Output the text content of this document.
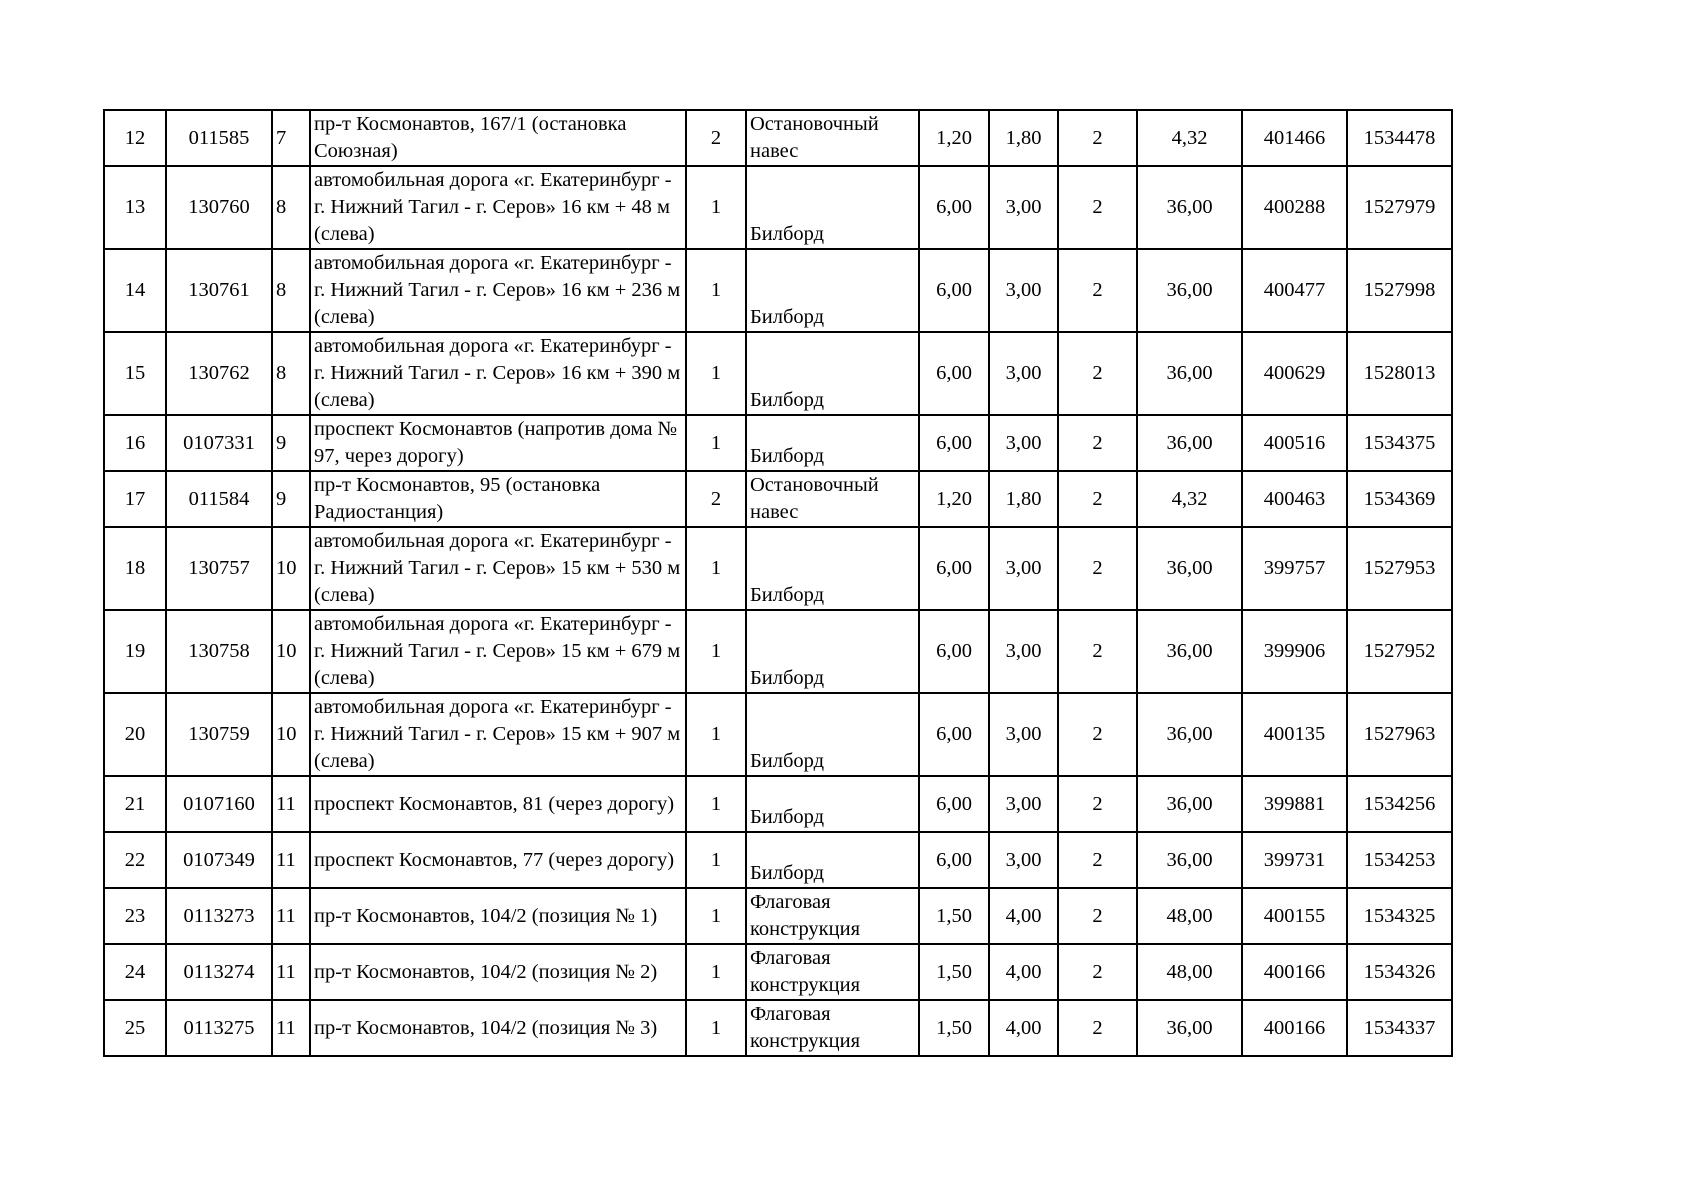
12	011585	7	пр-т Космонавтов, 167/1 (остановка Союзная)	2	Остановочный навес	1,20	1,80	2	4,32	401466	1534478
13	130760	8	автомобильная дорога «г. Екатеринбург - г. Нижний Тагил - г. Серов» 16 км + 48 м (слева)	1	Билборд	6,00	3,00	2	36,00	400288	1527979
14	130761	8	автомобильная дорога «г. Екатеринбург - г. Нижний Тагил - г. Серов» 16 км + 236 м (слева)	1	Билборд	6,00	3,00	2	36,00	400477	1527998
15	130762	8	автомобильная дорога «г. Екатеринбург - г. Нижний Тагил - г. Серов» 16 км + 390 м (слева)	1	Билборд	6,00	3,00	2	36,00	400629	1528013
16	0107331	9	проспект Космонавтов (напротив дома № 97, через дорогу)	1	Билборд	6,00	3,00	2	36,00	400516	1534375
17	011584	9	пр-т Космонавтов, 95 (остановка Радиостанция)	2	Остановочный навес	1,20	1,80	2	4,32	400463	1534369
18	130757	10	автомобильная дорога «г. Екатеринбург - г. Нижний Тагил - г. Серов» 15 км + 530 м (слева)	1	Билборд	6,00	3,00	2	36,00	399757	1527953
19	130758	10	автомобильная дорога «г. Екатеринбург - г. Нижний Тагил - г. Серов» 15 км + 679 м (слева)	1	Билборд	6,00	3,00	2	36,00	399906	1527952
20	130759	10	автомобильная дорога «г. Екатеринбург - г. Нижний Тагил - г. Серов» 15 км + 907 м (слева)	1	Билборд	6,00	3,00	2	36,00	400135	1527963
21	0107160	11	проспект Космонавтов, 81 (через дорогу)	1	Билборд	6,00	3,00	2	36,00	399881	1534256
22	0107349	11	проспект Космонавтов, 77 (через дорогу)	1	Билборд	6,00	3,00	2	36,00	399731	1534253
23	0113273	11	пр-т Космонавтов, 104/2 (позиция № 1)	1	Флаговая конструкция	1,50	4,00	2	48,00	400155	1534325
24	0113274	11	пр-т Космонавтов, 104/2 (позиция № 2)	1	Флаговая конструкция	1,50	4,00	2	48,00	400166	1534326
25	0113275	11	пр-т Космонавтов, 104/2 (позиция № 3)	1	Флаговая конструкция	1,50	4,00	2	36,00	400166	1534337
